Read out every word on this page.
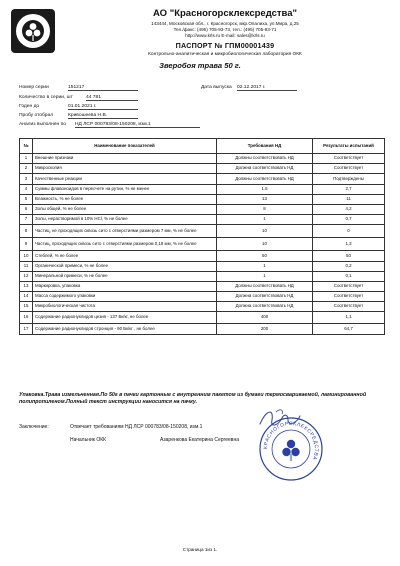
АО "Красногорсклексредства"
143444, Московская обл., г. Красногорск, мкр.Опалиха, ул.Мира, д.25
Тел./факс: (495) 705-93-73, тел.: (495) 705-93-71
http://www.krls.ru E-mail: sales@krls.ru
ПАСПОРТ № ГПМ00001439
Контрольно-аналитическая и микробиологическая лаборатория ОКК
Зверобоя трава 50 г.
Номер серии	151217	Дата выпуска 02.12.2017 г.
Количество в серии, шт	44 781
Годен до	01.01.2021 г.
Пробу отобрал	Кривошеева Н.В.
Анализ выполнен по НД ЛСР 000783/08-150208, изм.1
№	Наименование показателей	Требования НД	Результаты испытаний
1	Внешние признаки	Должны соответствовать НД	Соответствует
2	Микроскопия	Должна соответствовать НД	Соответствует
3	Качественные реакции	Должны соответствовать НД	Подтверждены
4	Суммы флавоноидов в пересчете на рутин, % не менее	1.5	2,7
5	Влажность, % не более	13	11
6	Золы общей, % не более	8	4,2
7	Золы, нерастворимой в 10% HCl, % не более	1	0,7
8	Частиц, не проходящих сквозь сито с отверстиями размером 7 мм, % не более	10	0
9	Частиц, проходящих сквозь сито с отверстиями размером 0,18 мм, % не более	10	1,3
10	Стеблей, % не более	50	50
11	Органической примеси, % не более	1	0,2
12	Минеральной примеси, % не более	1	0,1
13	Маркировка, упаковка	Должны соответствовать НД	Соответствует
14	Масса содержимого упаковки	Должна соответствовать НД	Соответствует
15	Микробиологическая чистота	Должна соответствовать НД	Соответствует
16	Содержание радионуклидов цезия - 137 Бк/кг, не более	400	1,1
17	Содержание радионуклидов стронция - 90 Бк/кг , не более	200	64,7
Упаковка.Трава измельченная.По 50г в пачки картонные с внутренним пакетом из бумаги термосвариваемой, ламинированной полипропиленом.Полный текст инструкции наносится на пачку.
Заключение:	Отвечает требованиям НД ЛСР 000783/08-150208, изм.1
Начальник ОКК	Азаренкова Екатерина Сергеевна
КРАСНОГОРСКЛЕКСРЕДСТВА
Страница 1из 1.
